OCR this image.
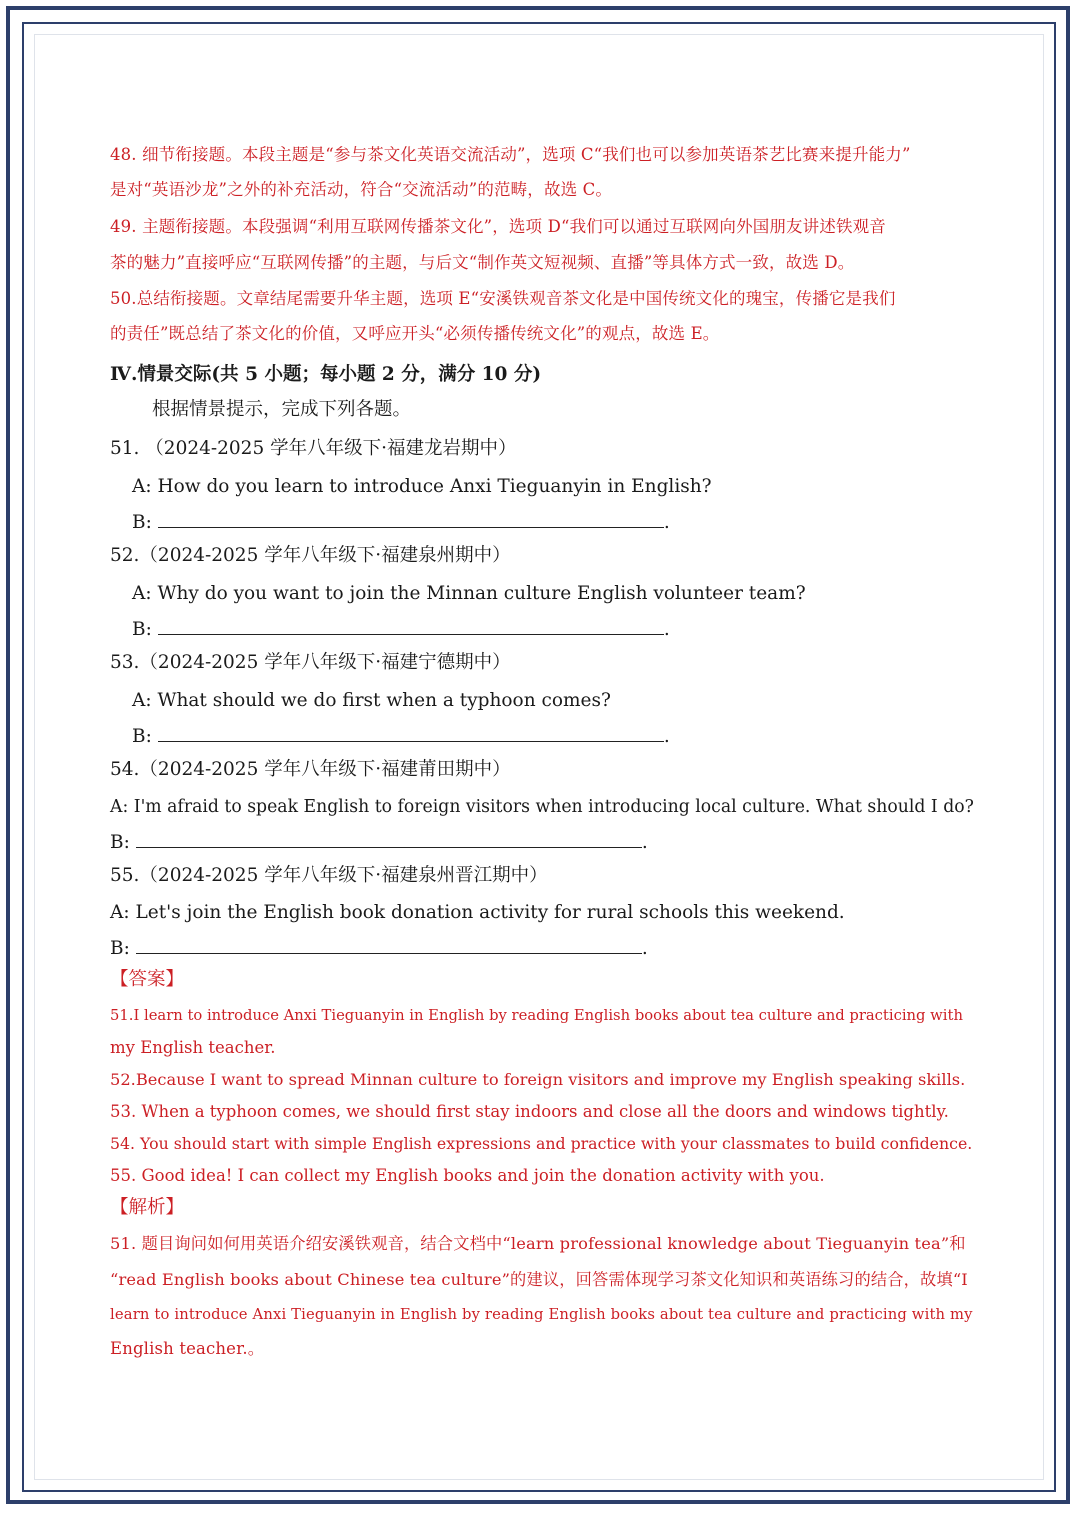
48. 细节衔接题。本段主题是“参与茶文化英语交流活动”，选项 C“我们也可以参加英语茶艺比赛来提升能力”
是对“英语沙龙”之外的补充活动，符合“交流活动”的范畴，故选 C。
49. 主题衔接题。本段强调“利用互联网传播茶文化”，选项 D“我们可以通过互联网向外国朋友讲述铁观音
茶的魅力”直接呼应“互联网传播”的主题，与后文“制作英文短视频、直播”等具体方式一致，故选 D。
50.总结衔接题。文章结尾需要升华主题，选项 E“安溪铁观音茶文化是中国传统文化的瑰宝，传播它是我们
的责任”既总结了茶文化的价值，又呼应开头“必须传播传统文化”的观点，故选 E。
Ⅳ.情景交际(共 5 小题；每小题 2 分，满分 10 分)
根据情景提示，完成下列各题。
51. （2024-2025 学年八年级下·福建龙岩期中）
A: How do you learn to introduce Anxi Tieguanyin in English?
B:	.
52.（2024-2025 学年八年级下·福建泉州期中）
A: Why do you want to join the Minnan culture English volunteer team?
B:	.
53.（2024-2025 学年八年级下·福建宁德期中）
A: What should we do first when a typhoon comes?
B:	.
54.（2024-2025 学年八年级下·福建莆田期中）
A: I'm afraid to speak English to foreign visitors when introducing local culture. What should I do?
B:	.
55.（2024-2025 学年八年级下·福建泉州晋江期中）
A: Let's join the English book donation activity for rural schools this weekend.
B:	.
【答案】
51.I learn to introduce Anxi Tieguanyin in English by reading English books about tea culture and practicing with
my English teacher.
52.Because I want to spread Minnan culture to foreign visitors and improve my English speaking skills.
53. When a typhoon comes, we should first stay indoors and close all the doors and windows tightly.
54. You should start with simple English expressions and practice with your classmates to build confidence.
55. Good idea! I can collect my English books and join the donation activity with you.
【解析】
51. 题目询问如何用英语介绍安溪铁观音，结合文档中“learn professional knowledge about Tieguanyin tea”和
“read English books about Chinese tea culture”的建议，回答需体现学习茶文化知识和英语练习的结合，故填“I
learn to introduce Anxi Tieguanyin in English by reading English books about tea culture and practicing with my
English teacher.。
